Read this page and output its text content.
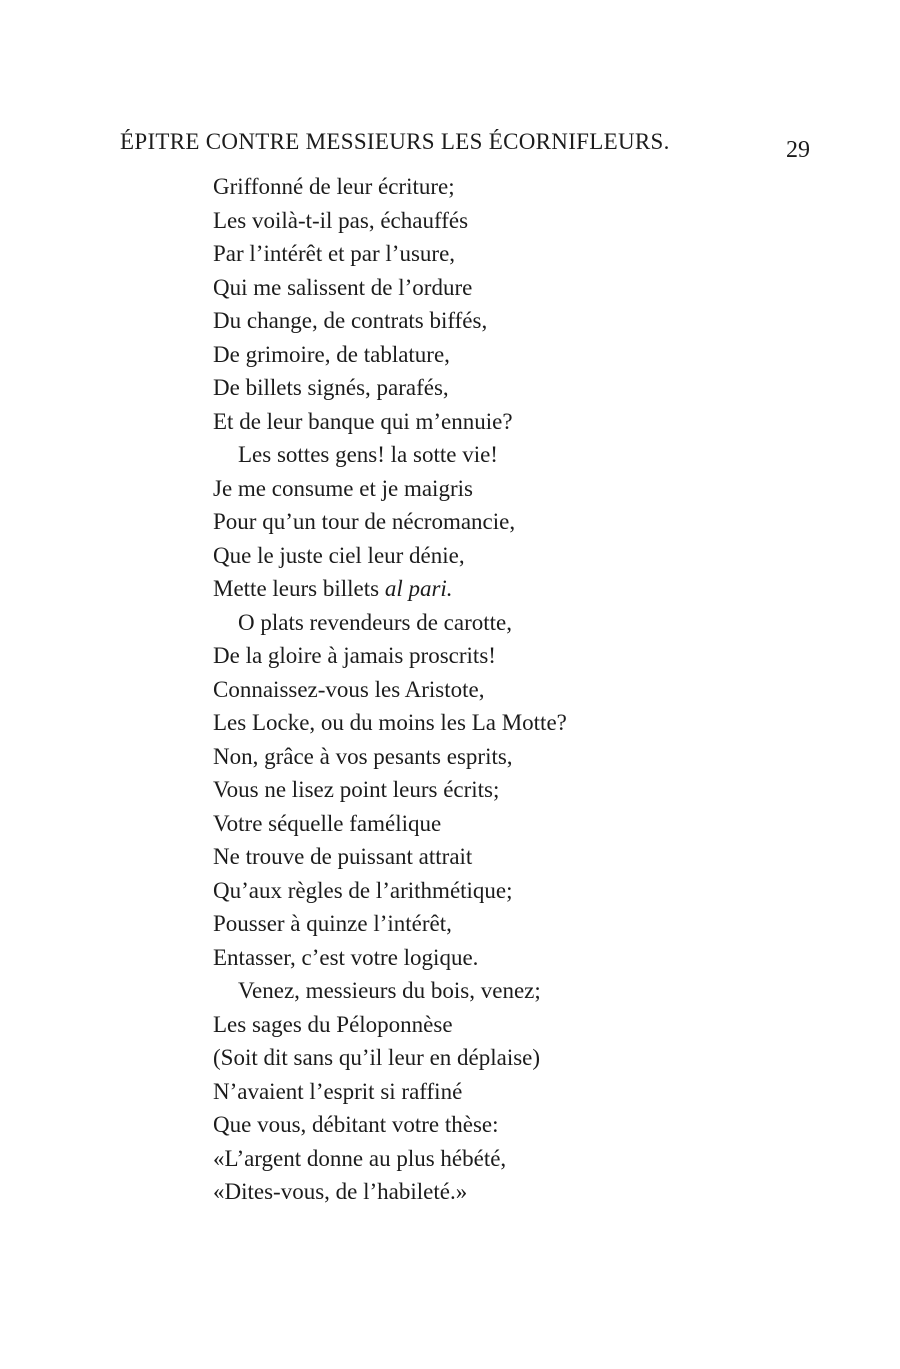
ÉPITRE CONTRE MESSIEURS LES ÉCORNIFLEURS.	29
Griffonné de leur écriture;
Les voilà-t-il pas, échauffés
Par l’intérêt et par l’usure,
Qui me salissent de l’ordure
Du change, de contrats biffés,
De grimoire, de tablature,
De billets signés, parafés,
Et de leur banque qui m’ennuie?
Les sottes gens! la sotte vie!
Je me consume et je maigris
Pour qu’un tour de nécromancie,
Que le juste ciel leur dénie,
Mette leurs billets al pari.
O plats revendeurs de carotte,
De la gloire à jamais proscrits!
Connaissez-vous les Aristote,
Les Locke, ou du moins les La Motte?
Non, grâce à vos pesants esprits,
Vous ne lisez point leurs écrits;
Votre séquelle famélique
Ne trouve de puissant attrait
Qu’aux règles de l’arithmétique;
Pousser à quinze l’intérêt,
Entasser, c’est votre logique.
Venez, messieurs du bois, venez;
Les sages du Péloponnèse
(Soit dit sans qu’il leur en déplaise)
N’avaient l’esprit si raffiné
Que vous, débitant votre thèse:
«L’argent donne au plus hébété,
«Dites-vous, de l’habileté.»
